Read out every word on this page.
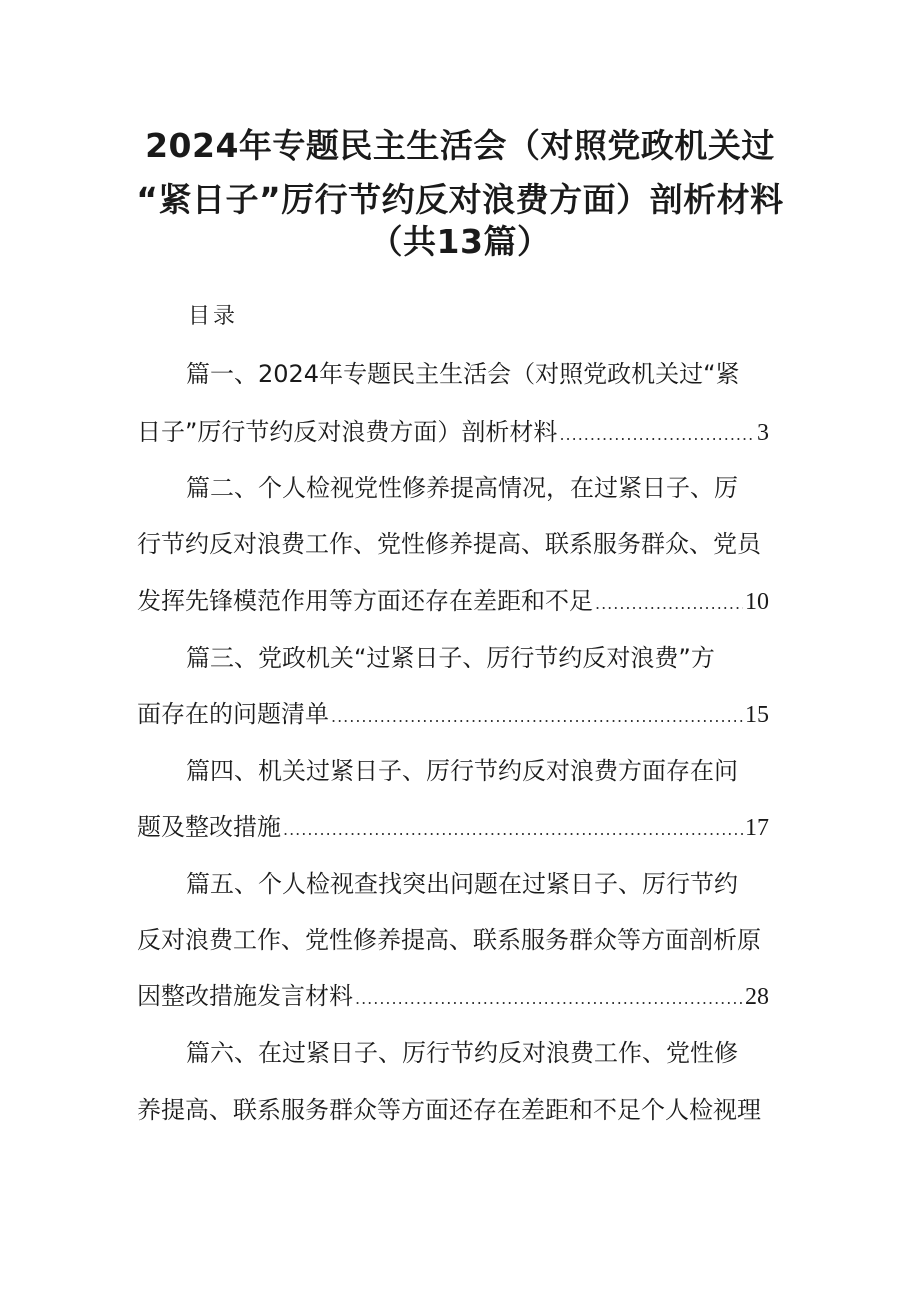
2024年专题民主生活会（对照党政机关过
“紧日子”厉行节约反对浪费方面）剖析材料
（共13篇）
目录
篇一、2024年专题民主生活会（对照党政机关过“紧
日子”厉行节约反对浪费方面）剖析材料 .....	3
篇二、个人检视党性修养提高情况，在过紧日子、厉
行节约反对浪费工作、党性修养提高、联系服务群众、党员
发挥先锋模范作用等方面还存在差距和不足 .....	10
篇三、党政机关“过紧日子、厉行节约反对浪费”方
面存在的问题清单 .....	15
篇四、机关过紧日子、厉行节约反对浪费方面存在问
题及整改措施 .....	17
篇五、个人检视查找突出问题在过紧日子、厉行节约
反对浪费工作、党性修养提高、联系服务群众等方面剖析原
因整改措施发言材料 .....	28
篇六、在过紧日子、厉行节约反对浪费工作、党性修
养提高、联系服务群众等方面还存在差距和不足个人检视理
